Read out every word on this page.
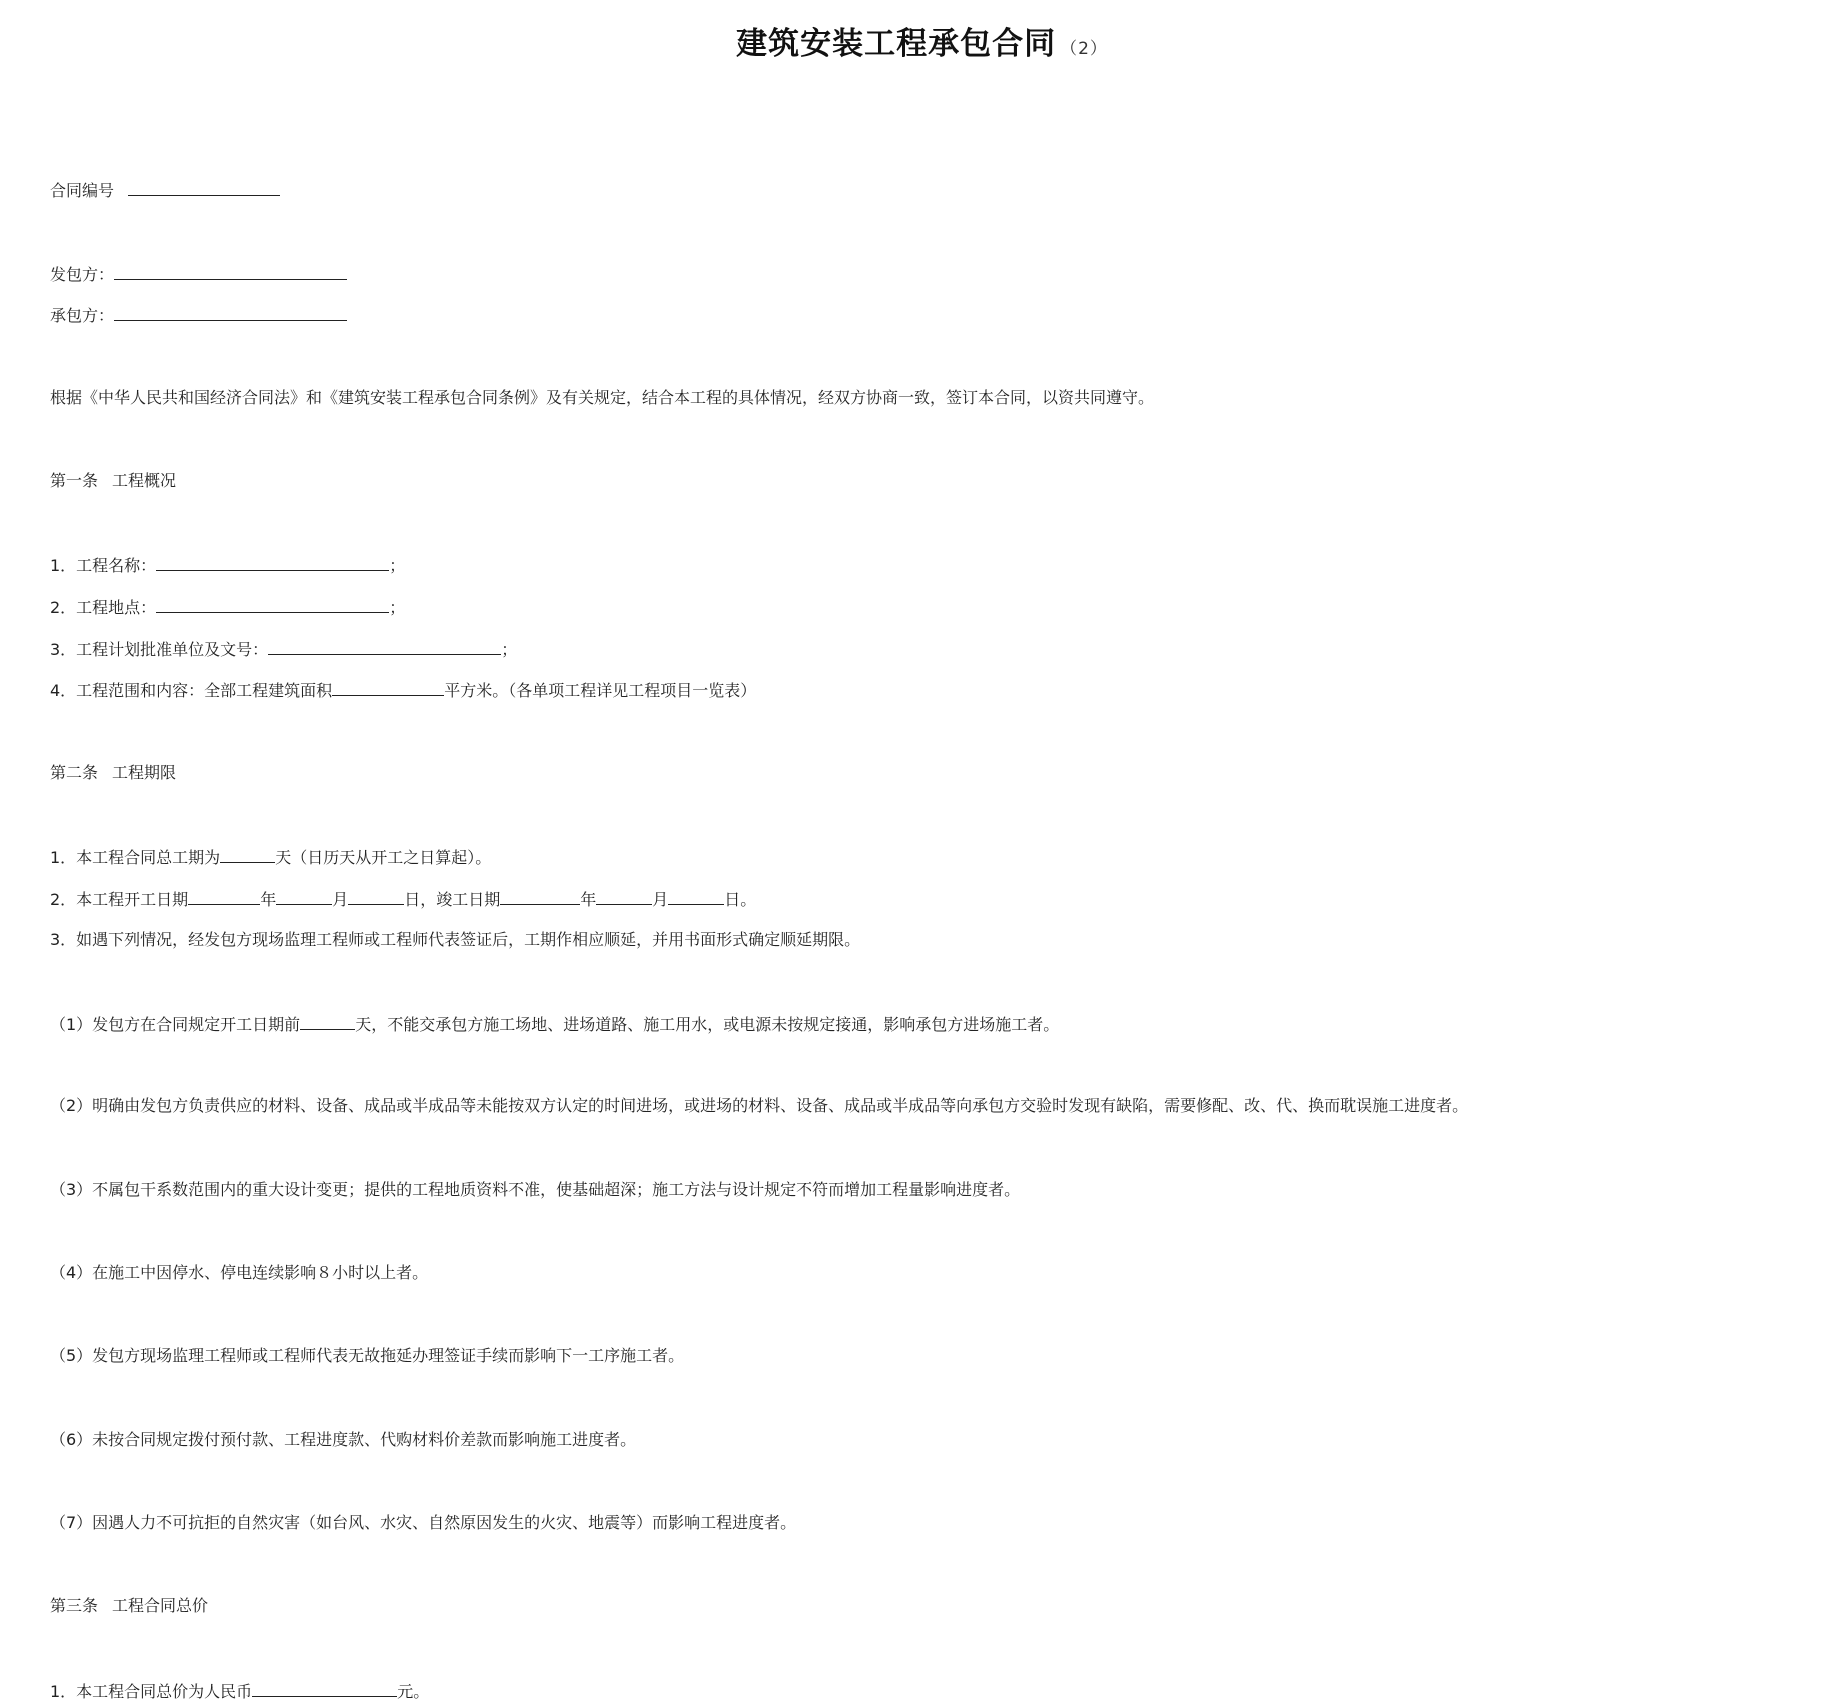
建筑安装工程承包合同 （2）
合同编号
发包方：
承包方：
根据《中华人民共和国经济合同法》和《建筑安装工程承包合同条例》及有关规定，结合本工程的具体情况，经双方协商一致，签订本合同，以资共同遵守。
第一条 工程概况
1．工程名称：	；
2．工程地点：	；
3．工程计划批准单位及文号：	；
4．工程范围和内容：全部工程建筑面积	平方米。（各单项工程详见工程项目一览表）
第二条 工程期限
1．本工程合同总工期为	天（日历天从开工之日算起）。
2．本工程开工日期	年	月	日，竣工日期	年	月	日。
3．如遇下列情况，经发包方现场监理工程师或工程师代表签证后，工期作相应顺延，并用书面形式确定顺延期限。
（1）发包方在合同规定开工日期前	天，不能交承包方施工场地、进场道路、施工用水，或电源未按规定接通，影响承包方进场施工者。
（2）明确由发包方负责供应的材料、设备、成品或半成品等未能按双方认定的时间进场，或进场的材料、设备、成品或半成品等向承包方交验时发现有缺陷，需要修配、改、代、换而耽误施工进度者。
（3）不属包干系数范围内的重大设计变更；提供的工程地质资料不准，使基础超深；施工方法与设计规定不符而增加工程量影响进度者。
（4）在施工中因停水、停电连续影响８小时以上者。
（5）发包方现场监理工程师或工程师代表无故拖延办理签证手续而影响下一工序施工者。
（6）未按合同规定拨付预付款、工程进度款、代购材料价差款而影响施工进度者。
（7）因遇人力不可抗拒的自然灾害（如台风、水灾、自然原因发生的火灾、地震等）而影响工程进度者。
第三条 工程合同总价
1．本工程合同总价为人民币	元。
